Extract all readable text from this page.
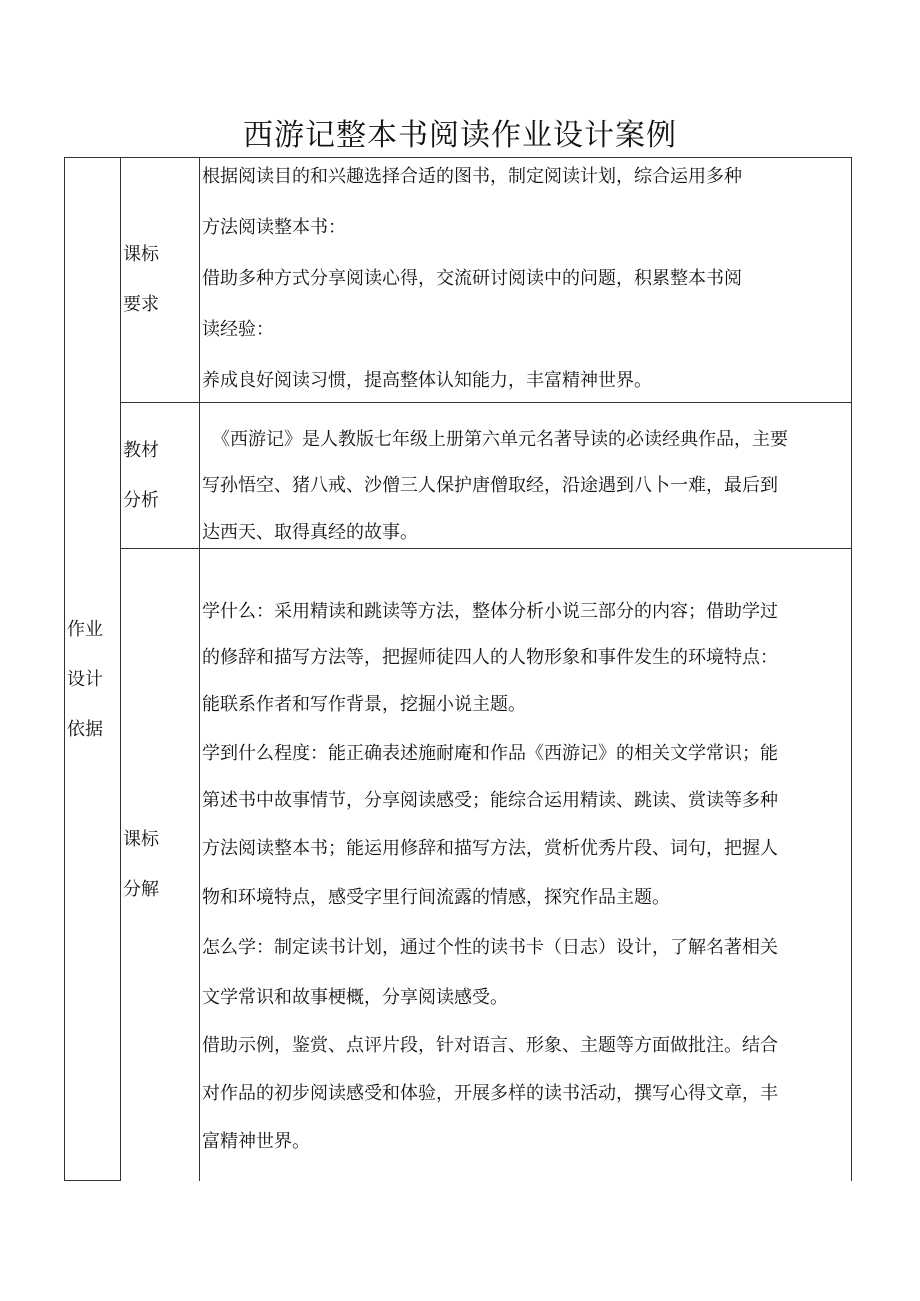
西游记整本书阅读作业设计案例
作业
设计
依据
课标
要求
教材
分析
课标
分解
根据阅读目的和兴趣选择合适的图书，制定阅读计划，综合运用多种
方法阅读整本书：
借助多种方式分享阅读心得，交流研讨阅读中的问题，积累整本书阅
读经验：
养成良好阅读习惯，提高整体认知能力，丰富精神世界。
《西游记》是人教版七年级上册第六单元名著导读的必读经典作品，主要
写孙悟空、猪八戒、沙僧三人保护唐僧取经，沿途遇到八卜一难，最后到
达西天、取得真经的故事。
学什么：采用精读和跳读等方法，整体分析小说三部分的内容；借助学过
的修辞和描写方法等，把握师徒四人的人物形象和事件发生的环境特点：
能联系作者和写作背景，挖掘小说主题。
学到什么程度：能正确表述施耐庵和作品《西游记》的相关文学常识；能
第述书中故事情节，分享阅读感受；能综合运用精读、跳读、赏读等多种
方法阅读整本书；能运用修辞和描写方法，赏析优秀片段、词句，把握人
物和环境特点，感受字里行间流露的情感，探究作品主题。
怎么学：制定读书计划，通过个性的读书卡（日志）设计，了解名著相关
文学常识和故事梗概，分享阅读感受。
借助示例，鉴赏、点评片段，针对语言、形象、主题等方面做批注。结合
对作品的初步阅读感受和体验，开展多样的读书活动，撰写心得文章，丰
富精神世界。
